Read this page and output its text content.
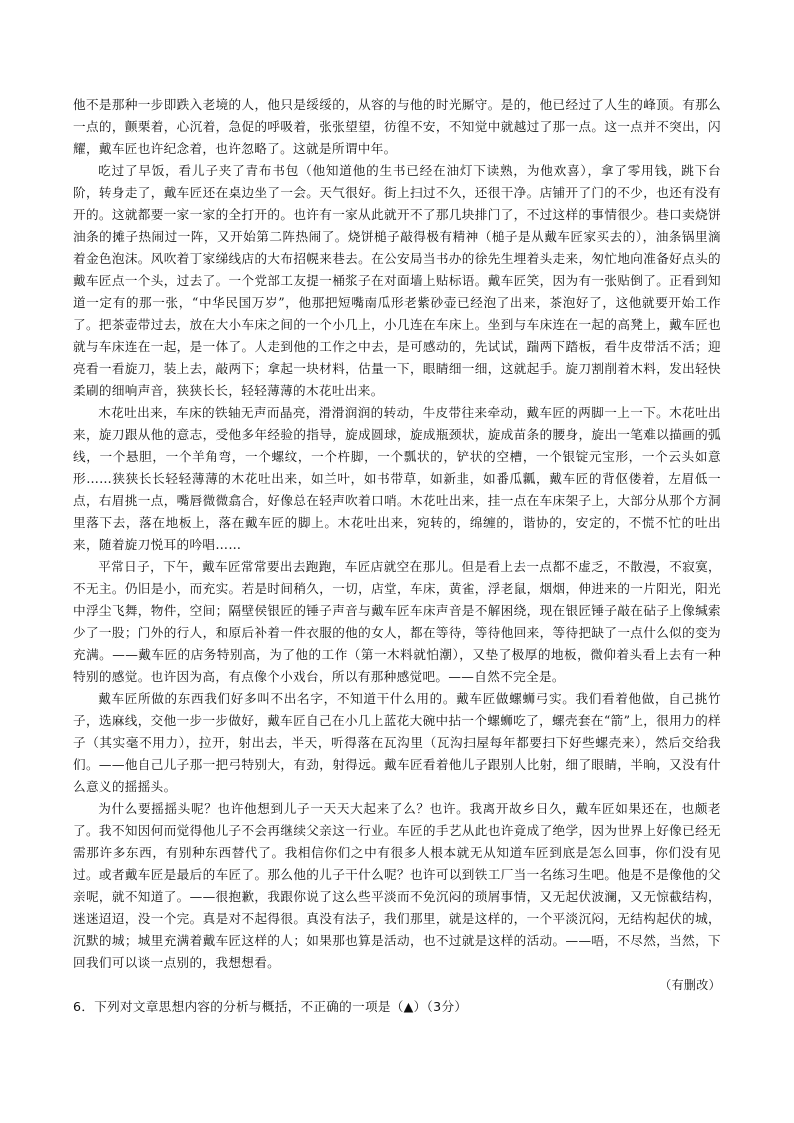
他不是那种一步即跌入老境的人，他只是绥绥的，从容的与他的时光厮守。是的，他已经过了人生的峰顶。有那么一点的，颤栗着，心沉着，急促的呼吸着，张张望望，彷徨不安，不知觉中就越过了那一点。这一点并不突出，闪耀，戴车匠也许纪念着，也许忽略了。这就是所谓中年。

吃过了早饭，看儿子夹了青布书包（他知道他的生书已经在油灯下读熟，为他欢喜），拿了零用钱，跳下台阶，转身走了，戴车匠还在桌边坐了一会。天气很好。街上扫过不久，还很干净。店铺开了门的不少，也还有没有开的。这就都要一家一家的全打开的。也许有一家从此就开不了那几块排门了，不过这样的事情很少。巷口卖烧饼油条的摊子热闹过一阵，又开始第二阵热闹了。烧饼槌子敲得极有精神（槌子是从戴车匠家买去的），油条锅里滴着金色泡沫。风吹着丁家绨线店的大布招幌来巷去。在公安局当书办的徐先生埋着头走来，匆忙地向准备好点头的戴车匠点一个头，过去了。一个党部工友提一桶浆子在对面墙上贴标语。戴车匠笑，因为有一张贴倒了。正看到知道一定有的那一张，“中华民国万岁”，他那把短嘴南瓜形老紫砂壶已经泡了出来，茶泡好了，这他就要开始工作了。把茶壶带过去，放在大小车床之间的一个小几上，小几连在车床上。坐到与车床连在一起的高凳上，戴车匠也就与车床连在一起，是一体了。人走到他的工作之中去，是可感动的，先试试，踹两下踏板，看牛皮带活不活；迎亮看一看旋刀，装上去，敲两下；拿起一块材料，估量一下，眼睛细一细，这就起手。旋刀割削着木料，发出轻快柔刷的细响声音，狭狭长长，轻轻薄薄的木花吐出来。

木花吐出来，车床的铁轴无声而晶亮，滑滑润润的转动，牛皮带往来牵动，戴车匠的两脚一上一下。木花吐出来，旋刀跟从他的意志，受他多年经验的指导，旋成圆球，旋成瓶颈状，旋成苗条的腰身，旋出一笔难以描画的弧线，一个悬胆，一个羊角弯，一个螺纹，一个杵脚，一个瓢状的，铲状的空槽，一个银锭元宝形，一个云头如意形……狭狭长长轻轻薄薄的木花吐出来，如兰叶，如书带草，如新韭，如番瓜瓤，戴车匠的背伛偻着，左眉低一点，右眉挑一点，嘴唇微微翕合，好像总在轻声吹着口哨。木花吐出来，挂一点在车床架子上，大部分从那个方洞里落下去，落在地板上，落在戴车匠的脚上。木花吐出来，宛转的，绵缠的，谐协的，安定的，不慌不忙的吐出来，随着旋刀悦耳的吟唱……

平常日子，下午，戴车匠常常要出去跑跑，车匠店就空在那儿。但是看上去一点都不虚乏，不散漫，不寂寞，不无主。仍旧是小，而充实。若是时间稍久，一切，店堂，车床，黄雀，浮老鼠，烟烟，伸进来的一片阳光，阳光中浮尘飞舞，物件，空间；隔壁侯银匠的锤子声音与戴车匠车床声音是不解困绕，现在银匠锤子敲在砧子上像缄索少了一股；门外的行人，和原后补着一件衣服的他的女人，都在等待，等待他回来，等待把缺了一点什么似的变为充满。——戴车匠的店务特别高，为了他的工作（第一木料就怕潮），又垫了极厚的地板，微仰着头看上去有一种特别的感觉。也许因为高，有点像个小戏台，所以有那种感觉吧。——自然不完全是。

戴车匠所做的东西我们好多叫不出名字，不知道干什么用的。戴车匠做螺蛳弓实。我们看着他做，自己挑竹子，选麻线，交他一步一步做好，戴车匠自己在小几上蓝花大碗中拈一个螺蛳吃了，螺壳套在“箭”上，很用力的样子（其实毫不用力），拉开，射出去，半天，听得落在瓦沟里（瓦沟扫屋每年都要扫下好些螺壳来），然后交给我们。——他自己儿子那一把弓特别大，有劲，射得远。戴车匠看着他儿子跟别人比射，细了眼睛，半晌，又没有什么意义的摇摇头。

为什么要摇摇头呢？也许他想到儿子一天天大起来了么？也许。我离开故乡日久，戴车匠如果还在，也颇老了。我不知因何而觉得他儿子不会再继续父亲这一行业。车匠的手艺从此也许竟成了绝学，因为世界上好像已经无需那许多东西，有别种东西替代了。我相信你们之中有很多人根本就无从知道车匠到底是怎么回事，你们没有见过。或者戴车匠是最后的车匠了。那么他的儿子干什么呢？也许可以到铁工厂当一名练习生吧。他是不是像他的父亲呢，就不知道了。——很抱歉，我跟你说了这么些平淡而不免沉闷的琐屑事情，又无起伏波澜，又无惊截结构，迷迷迢迢，没一个完。真是对不起得很。真没有法子，我们那里，就是这样的，一个平淡沉闷，无结构起伏的城，沉默的城；城里充满着戴车匠这样的人；如果那也算是活动，也不过就是这样的活动。——唔，不尽然，当然，下回我们可以谈一点别的，我想想看。

（有删改）

6．下列对文章思想内容的分析与概括，不正确的一项是（▲）（3分）
